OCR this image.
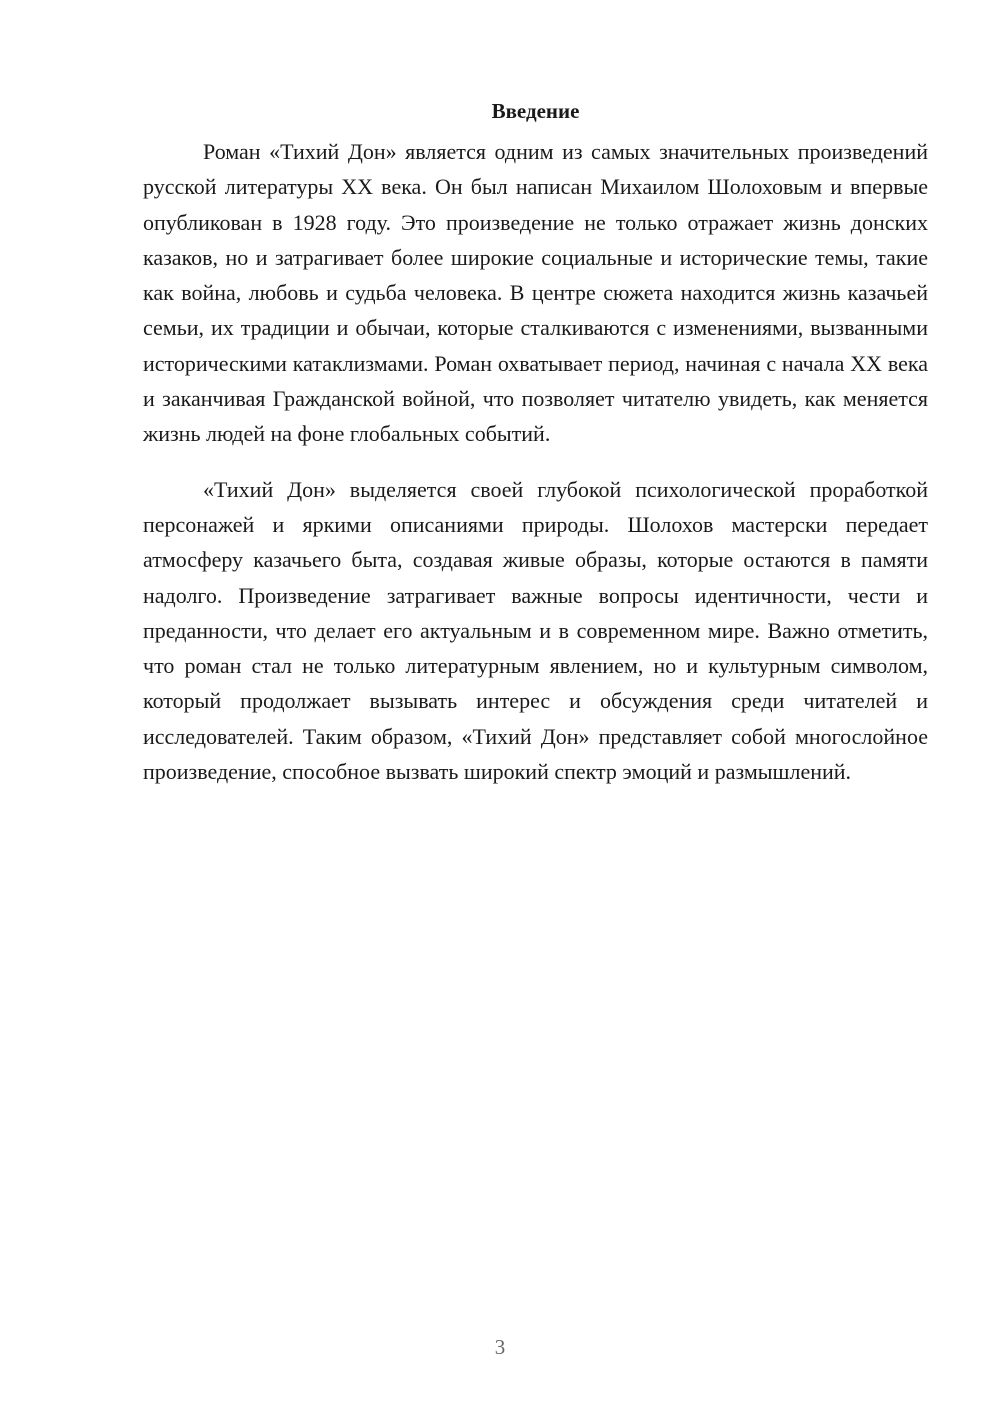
Введение

Роман «Тихий Дон» является одним из самых значительных произведений русской литературы XX века. Он был написан Михаилом Шолоховым и впервые опубликован в 1928 году. Это произведение не только отражает жизнь донских казаков, но и затрагивает более широкие социальные и исторические темы, такие как война, любовь и судьба человека. В центре сюжета находится жизнь казачьей семьи, их традиции и обычаи, которые сталкиваются с изменениями, вызванными историческими катаклизмами. Роман охватывает период, начиная с начала XX века и заканчивая Гражданской войной, что позволяет читателю увидеть, как меняется жизнь людей на фоне глобальных событий.

«Тихий Дон» выделяется своей глубокой психологической проработкой персонажей и яркими описаниями природы. Шолохов мастерски передает атмосферу казачьего быта, создавая живые образы, которые остаются в памяти надолго. Произведение затрагивает важные вопросы идентичности, чести и преданности, что делает его актуальным и в современном мире. Важно отметить, что роман стал не только литературным явлением, но и культурным символом, который продолжает вызывать интерес и обсуждения среди читателей и исследователей. Таким образом, «Тихий Дон» представляет собой многослойное произведение, способное вызвать широкий спектр эмоций и размышлений.

3
